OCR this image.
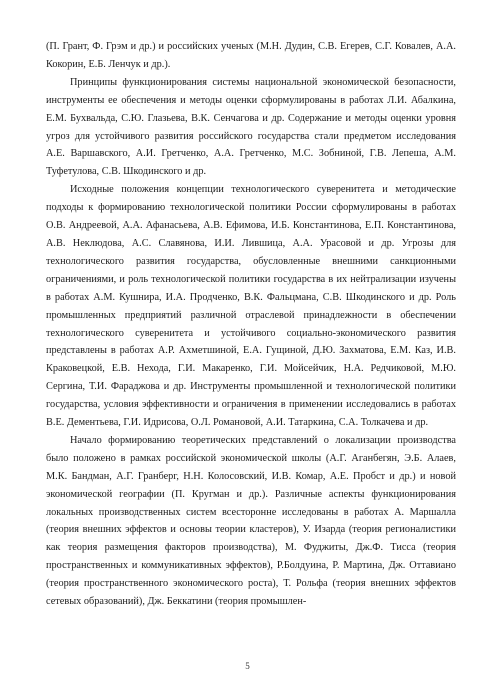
(П. Грант, Ф. Грэм и др.) и российских ученых (М.Н. Дудин, С.В. Егерев, С.Г. Ковалев, А.А. Кокорин, Е.Б. Ленчук и др.).

Принципы функционирования системы национальной экономической безопасности, инструменты ее обеспечения и методы оценки сформулированы в работах Л.И. Абалкина, Е.М. Бухвальда, С.Ю. Глазьева, В.К. Сенчагова и др. Содержание и методы оценки уровня угроз для устойчивого развития российского государства стали предметом исследования А.Е. Варшавского, А.И. Гретченко, А.А. Гретченко, М.С. Зобниной, Г.В. Лепеша, А.М. Туфетулова, С.В. Шкодинского и др.

Исходные положения концепции технологического суверенитета и методические подходы к формированию технологической политики России сформулированы в работах О.В. Андреевой, А.А. Афанасьева, А.В. Ефимова, И.Б. Константинова, Е.П. Константинова, А.В. Неклюдова, А.С. Славянова, И.И. Лившица, А.А. Урасовой и др. Угрозы для технологического развития государства, обусловленные внешними санкционными ограничениями, и роль технологической политики государства в их нейтрализации изучены в работах А.М. Кушнира, И.А. Продченко, В.К. Фальцмана, С.В. Шкодинского и др. Роль промышленных предприятий различной отраслевой принадлежности в обеспечении технологического суверенитета и устойчивого социально-экономического развития представлены в работах А.Р. Ахметшиной, Е.А. Гущиной, Д.Ю. Захматова, Е.М. Каз, И.В. Краковецкой, Е.В. Нехода, Г.И. Макаренко, Г.И. Мойсейчик, Н.А. Редчиковой, М.Ю. Сергина, Т.И. Фараджова и др. Инструменты промышленной и технологической политики государства, условия эффективности и ограничения в применении исследовались в работах В.Е. Дементьева, Г.И. Идрисова, О.Л. Романовой, А.И. Татаркина, С.А. Толкачева и др.

Начало формированию теоретических представлений о локализации производства было положено в рамках российской экономической школы (А.Г. Аганбегян, Э.Б. Алаев, М.К. Бандман, А.Г. Гранберг, Н.Н. Колосовский, И.В. Комар, А.Е. Пробст и др.) и новой экономической географии (П. Кругман и др.). Различные аспекты функционирования локальных производственных систем всесторонне исследованы в работах А. Маршалла (теория внешних эффектов и основы теории кластеров), У. Изарда (теория регионалистики как теория размещения факторов производства), М. Фуджиты, Дж.Ф. Тисса (теория пространственных и коммуникативных эффектов), Р.Болдуина, Р. Мартина, Дж. Оттавиано (теория пространственного экономического роста), Т. Рольфа (теория внешних эффектов сетевых образований), Дж. Беккатини (теория промышлен-

5
